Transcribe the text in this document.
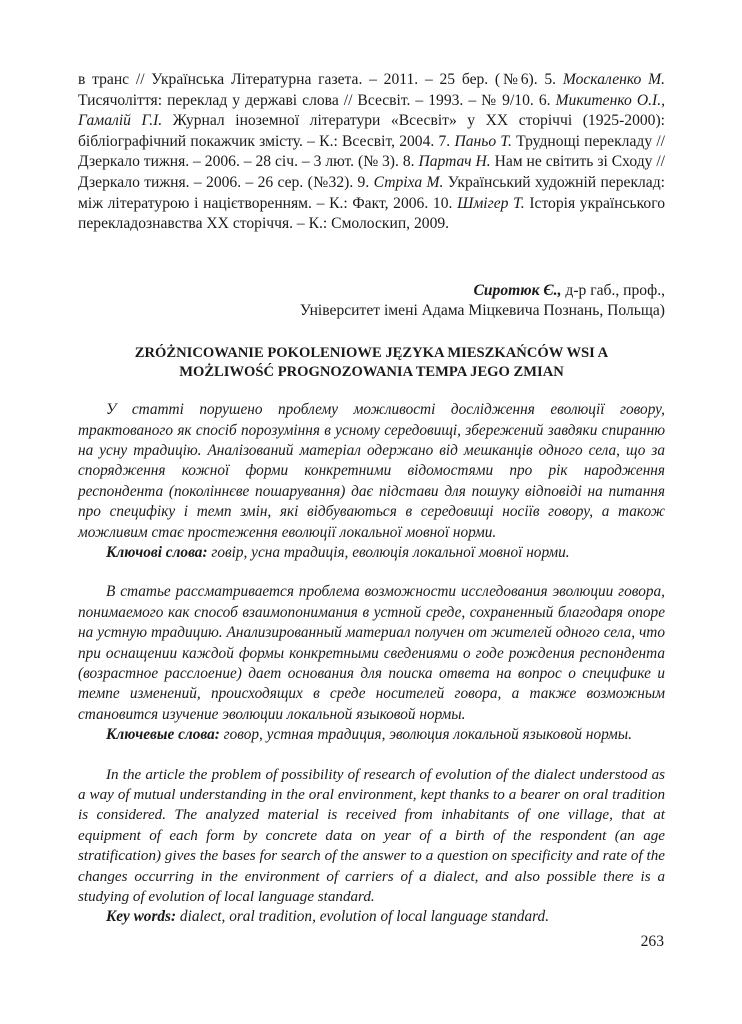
в транс // Українська Літературна газета. – 2011. – 25 бер. (№6). 5. Москаленко М. Тисячоліття: переклад у державі слова // Всесвіт. – 1993. – № 9/10. 6. Микитенко О.І., Гамалій Г.І. Журнал іноземної літератури «Всесвіт» у ХХ сторіччі (1925-2000): бібліографічний покажчик змісту. – К.: Всесвіт, 2004. 7. Паньо Т. Труднощі перекладу // Дзеркало тижня. – 2006. – 28 січ. – 3 лют. (№ 3). 8. Партач Н. Нам не світить зі Сходу // Дзеркало тижня. – 2006. – 26 сер. (№32). 9. Стріха М. Український художній переклад: між літературою і націєтворенням. – К.: Факт, 2006. 10. Шмігер Т. Історія українського перекладознавства ХХ сторіччя. – К.: Смолоскип, 2009.

Сиротюк Є., д-р габ., проф.,
Університет імені Адама Міцкевича Познань, Польща)
ZRÓŻNICOWANIE POKOLENIOWE JĘZYKA MIESZKAŃCÓW WSI A
MOŻLIWOŚĆ PROGNOZOWANIA TEMPA JEGO ZMIAN

У статті порушено проблему можливості дослідження еволюції говору, трактованого як спосіб порозуміння в усному середовищі, збережений завдяки спиранню на усну традицію. Аналізований матеріал одержано від мешканців одного села, що за спорядження кожної форми конкретними відомостями про рік народження респондента (поколіннєве пошарування) дає підстави для пошуку відповіді на питання про специфіку і темп змін, які відбуваються в середовищі носіїв говору, а також можливим стає простеження еволюції локальної мовної норми.

Ключові слова: говір, усна традиція, еволюція локальної мовної норми.

В статье рассматривается проблема возможности исследования эволюции говора, понимаемого как способ взаимопонимания в устной среде, сохраненный благодаря опоре на устную традицию. Анализированный материал получен от жителей одного села, что при оснащении каждой формы конкретными сведениями о годе рождения респондента (возрастное расслоение) дает основания для поиска ответа на вопрос о специфике и темпе изменений, происходящих в среде носителей говора, а также возможным становится изучение эволюции локальной языковой нормы.

Ключевые слова: говор, устная традиция, эволюция локальной языковой нормы.

In the article the problem of possibility of research of evolution of the dialect understood as a way of mutual understanding in the oral environment, kept thanks to a bearer on oral tradition is considered. The analyzed material is received from inhabitants of one village, that at equipment of each form by concrete data on year of a birth of the respondent (an age stratification) gives the bases for search of the answer to a question on specificity and rate of the changes occurring in the environment of carriers of a dialect, and also possible there is a studying of evolution of local language standard.

Key words: dialect, oral tradition, evolution of local language standard.

263
